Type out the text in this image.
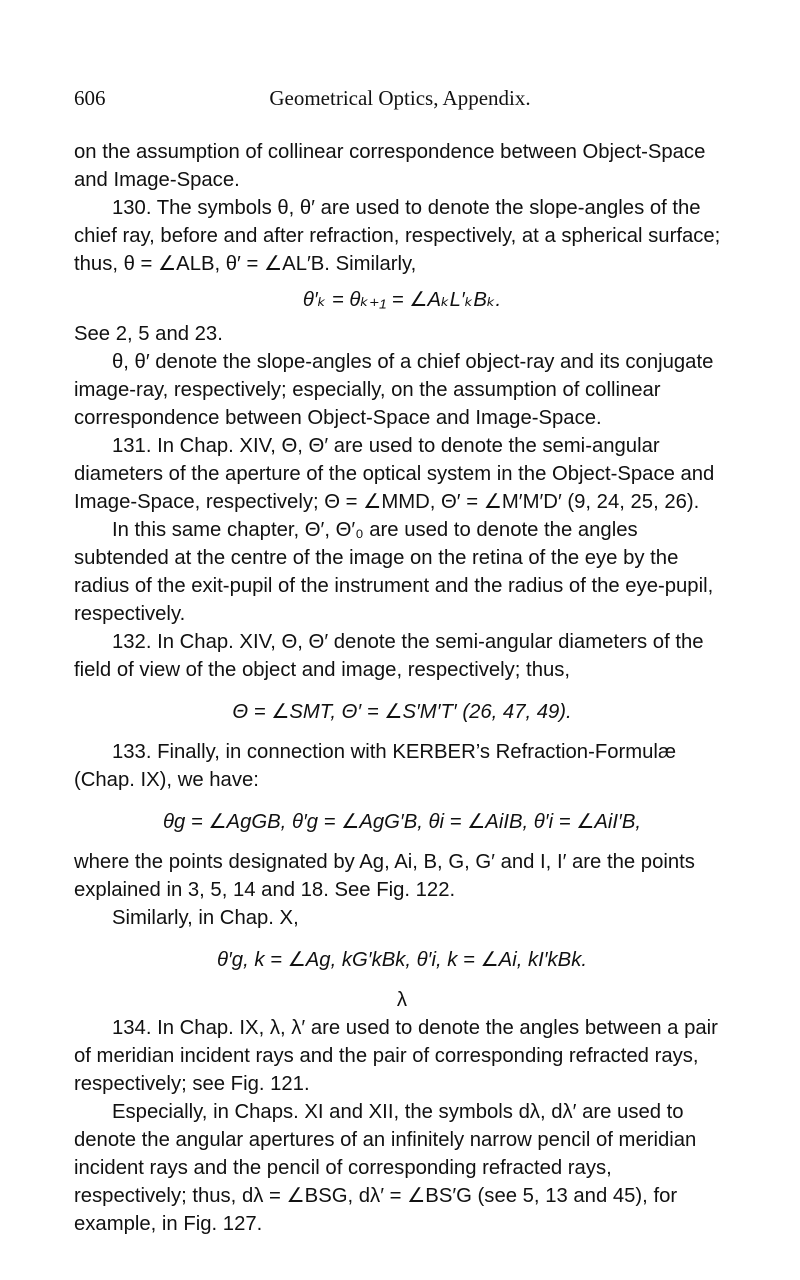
606	Geometrical Optics, Appendix.

on the assumption of collinear correspondence between Object-Space and Image-Space.

130. The symbols θ, θ′ are used to denote the slope-angles of the chief ray, before and after refraction, respectively, at a spherical surface; thus, θ = ∠ALB, θ′ = ∠AL′B. Similarly,

θ′ₖ = θₖ₊₁ = ∠AₖL′ₖBₖ.

See 2, 5 and 23.

θ, θ′ denote the slope-angles of a chief object-ray and its conjugate image-ray, respectively; especially, on the assumption of collinear correspondence between Object-Space and Image-Space.

131. In Chap. XIV, Θ, Θ′ are used to denote the semi-angular diameters of the aperture of the optical system in the Object-Space and Image-Space, respectively; Θ = ∠MMD, Θ′ = ∠M′M′D′ (9, 24, 25, 26).

In this same chapter, Θ′, Θ′₀ are used to denote the angles subtended at the centre of the image on the retina of the eye by the radius of the exit-pupil of the instrument and the radius of the eye-pupil, respectively.

132. In Chap. XIV, Θ, Θ′ denote the semi-angular diameters of the field of view of the object and image, respectively; thus,

Θ = ∠SMT, Θ′ = ∠S′M′T′ (26, 47, 49).

133. Finally, in connection with KERBER’s Refraction-Formulæ (Chap. IX), we have:

θg = ∠AgGB, θ′g = ∠AgG′B, θi = ∠AiIB, θ′i = ∠AiI′B,

where the points designated by Ag, Ai, B, G, G′ and I, I′ are the points explained in 3, 5, 14 and 18. See Fig. 122.

Similarly, in Chap. X,

θ′g, k = ∠Ag, kG′kBk, θ′i, k = ∠Ai, kI′kBk.

λ

134. In Chap. IX, λ, λ′ are used to denote the angles between a pair of meridian incident rays and the pair of corresponding refracted rays, respectively; see Fig. 121.

Especially, in Chaps. XI and XII, the symbols dλ, dλ′ are used to denote the angular apertures of an infinitely narrow pencil of meridian incident rays and the pencil of corresponding refracted rays, respectively; thus, dλ = ∠BSG, dλ′ = ∠BS′G (see 5, 13 and 45), for example, in Fig. 127.
